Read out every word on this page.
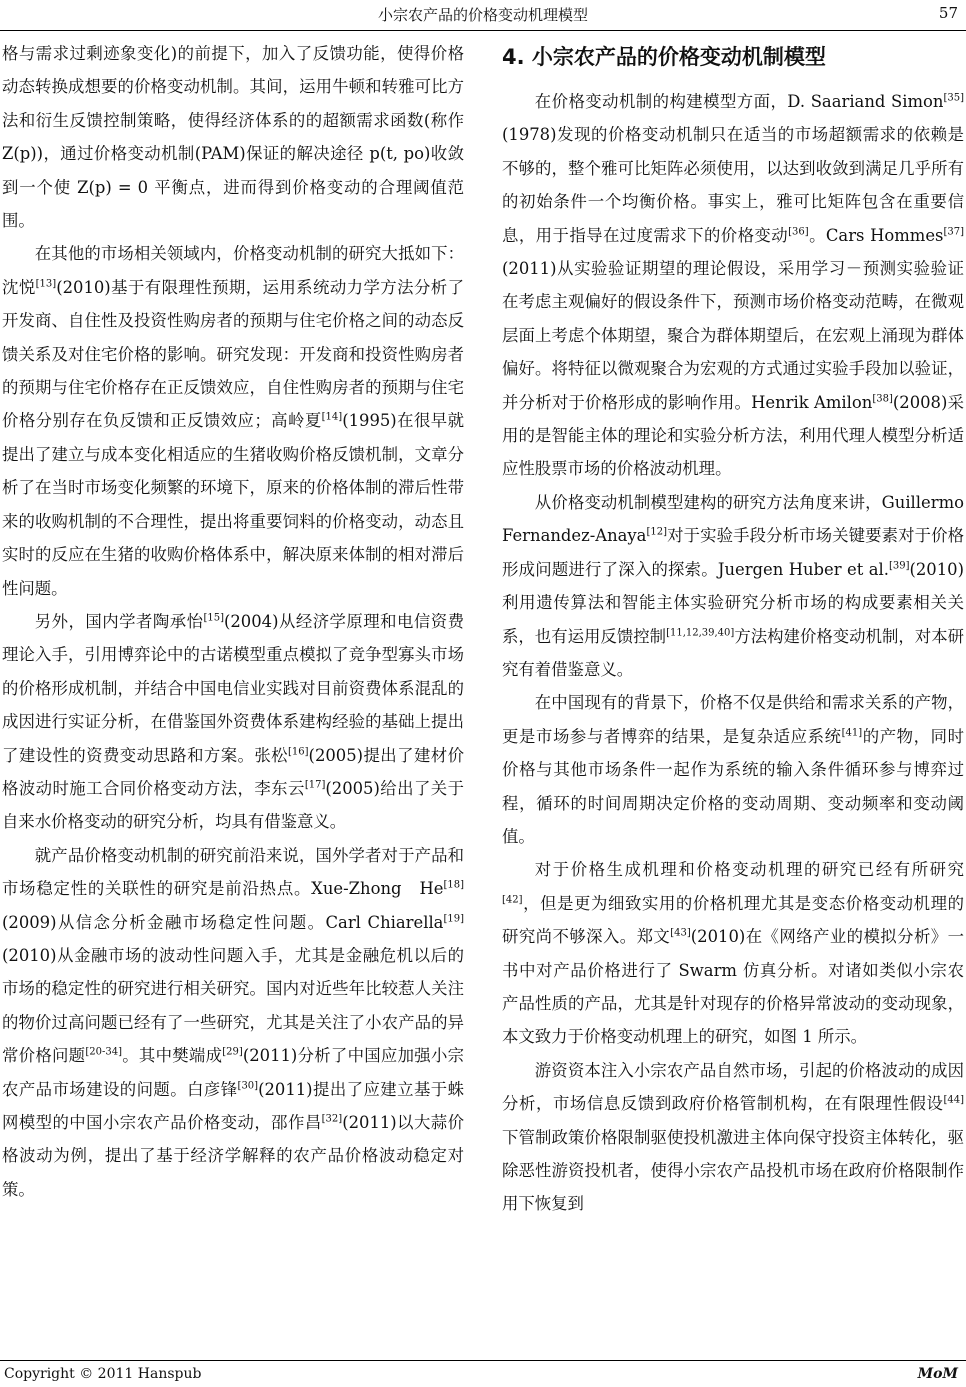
小宗农产品的价格变动机理模型	57

格与需求过剩迹象变化)的前提下，加入了反馈功能，使得价格动态转换成想要的价格变动机制。其间，运用牛顿和转雅可比方法和衍生反馈控制策略，使得经济体系的的超额需求函数(称作　Z(p))，通过价格变动机制(PAM)保证的解决途径 p(t, po)收敛到一个使 Z(p) = 0 平衡点，进而得到价格变动的合理阈值范围。

在其他的市场相关领域内，价格变动机制的研究大抵如下：沈悦[13](2010)基于有限理性预期，运用系统动力学方法分析了开发商、自住性及投资性购房者的预期与住宅价格之间的动态反馈关系及对住宅价格的影响。研究发现：开发商和投资性购房者的预期与住宅价格存在正反馈效应，自住性购房者的预期与住宅价格分别存在负反馈和正反馈效应；高岭夏[14](1995)在很早就提出了建立与成本变化相适应的生猪收购价格反馈机制，文章分析了在当时市场变化频繁的环境下，原来的价格体制的滞后性带来的收购机制的不合理性，提出将重要饲料的价格变动，动态且实时的反应在生猪的收购价格体系中，解决原来体制的相对滞后性问题。

另外，国内学者陶承怡[15](2004)从经济学原理和电信资费理论入手，引用博弈论中的古诺模型重点模拟了竞争型寡头市场的价格形成机制，并结合中国电信业实践对目前资费体系混乱的成因进行实证分析，在借鉴国外资费体系建构经验的基础上提出了建设性的资费变动思路和方案。张松[16](2005)提出了建材价格波动时施工合同价格变动方法，李东云[17](2005)给出了关于自来水价格变动的研究分析，均具有借鉴意义。

就产品价格变动机制的研究前沿来说，国外学者对于产品和市场稳定性的关联性的研究是前沿热点。Xue-Zhong　He[18](2009)从信念分析金融市场稳定性问题。Carl Chiarella[19](2010)从金融市场的波动性问题入手，尤其是金融危机以后的市场的稳定性的研究进行相关研究。国内对近些年比较惹人关注的物价过高问题已经有了一些研究，尤其是关注了小农产品的异常价格问题[20-34]。其中樊端成[29](2011)分析了中国应加强小宗农产品市场建设的问题。白彦锋[30](2011)提出了应建立基于蛛网模型的中国小宗农产品价格变动，邵作昌[32](2011)以大蒜价格波动为例，提出了基于经济学解释的农产品价格波动稳定对策。

4. 小宗农产品的价格变动机制模型

在价格变动机制的构建模型方面，D. Saariand Simon[35](1978)发现的价格变动机制只在适当的市场超额需求的依赖是不够的，整个雅可比矩阵必须使用，以达到收敛到满足几乎所有的初始条件一个均衡价格。事实上，雅可比矩阵包含在重要信息，用于指导在过度需求下的价格变动[36]。Cars Hommes[37](2011)从实验验证期望的理论假设，采用学习－预测实验验证在考虑主观偏好的假设条件下，预测市场价格变动范畴，在微观层面上考虑个体期望，聚合为群体期望后，在宏观上涌现为群体偏好。将特征以微观聚合为宏观的方式通过实验手段加以验证，并分析对于价格形成的影响作用。Henrik Amilon[38](2008)采用的是智能主体的理论和实验分析方法，利用代理人模型分析适应性股票市场的价格波动机理。

从价格变动机制模型建构的研究方法角度来讲，Guillermo Fernandez-Anaya[12]对于实验手段分析市场关键要素对于价格形成问题进行了深入的探索。Juergen Huber et al.[39](2010)利用遗传算法和智能主体实验研究分析市场的构成要素相关关系，也有运用反馈控制[11,12,39,40]方法构建价格变动机制，对本研究有着借鉴意义。

在中国现有的背景下，价格不仅是供给和需求关系的产物，更是市场参与者博弈的结果，是复杂适应系统[41]的产物，同时价格与其他市场条件一起作为系统的输入条件循环参与博弈过程，循环的时间周期决定价格的变动周期、变动频率和变动阈值。

对于价格生成机理和价格变动机理的研究已经有所研究[42]，但是更为细致实用的价格机理尤其是变态价格变动机理的研究尚不够深入。郑文[43](2010)在《网络产业的模拟分析》一书中对产品价格进行了 Swarm 仿真分析。对诸如类似小宗农产品性质的产品，尤其是针对现存的价格异常波动的变动现象，本文致力于价格变动机理上的研究，如图 1 所示。

游资资本注入小宗农产品自然市场，引起的价格波动的成因分析，市场信息反馈到政府价格管制机构，在有限理性假设[44]下管制政策价格限制驱使投机激进主体向保守投资主体转化，驱除恶性游资投机者，使得小宗农产品投机市场在政府价格限制作用下恢复到

Copyright © 2011 Hanspub	MoM
